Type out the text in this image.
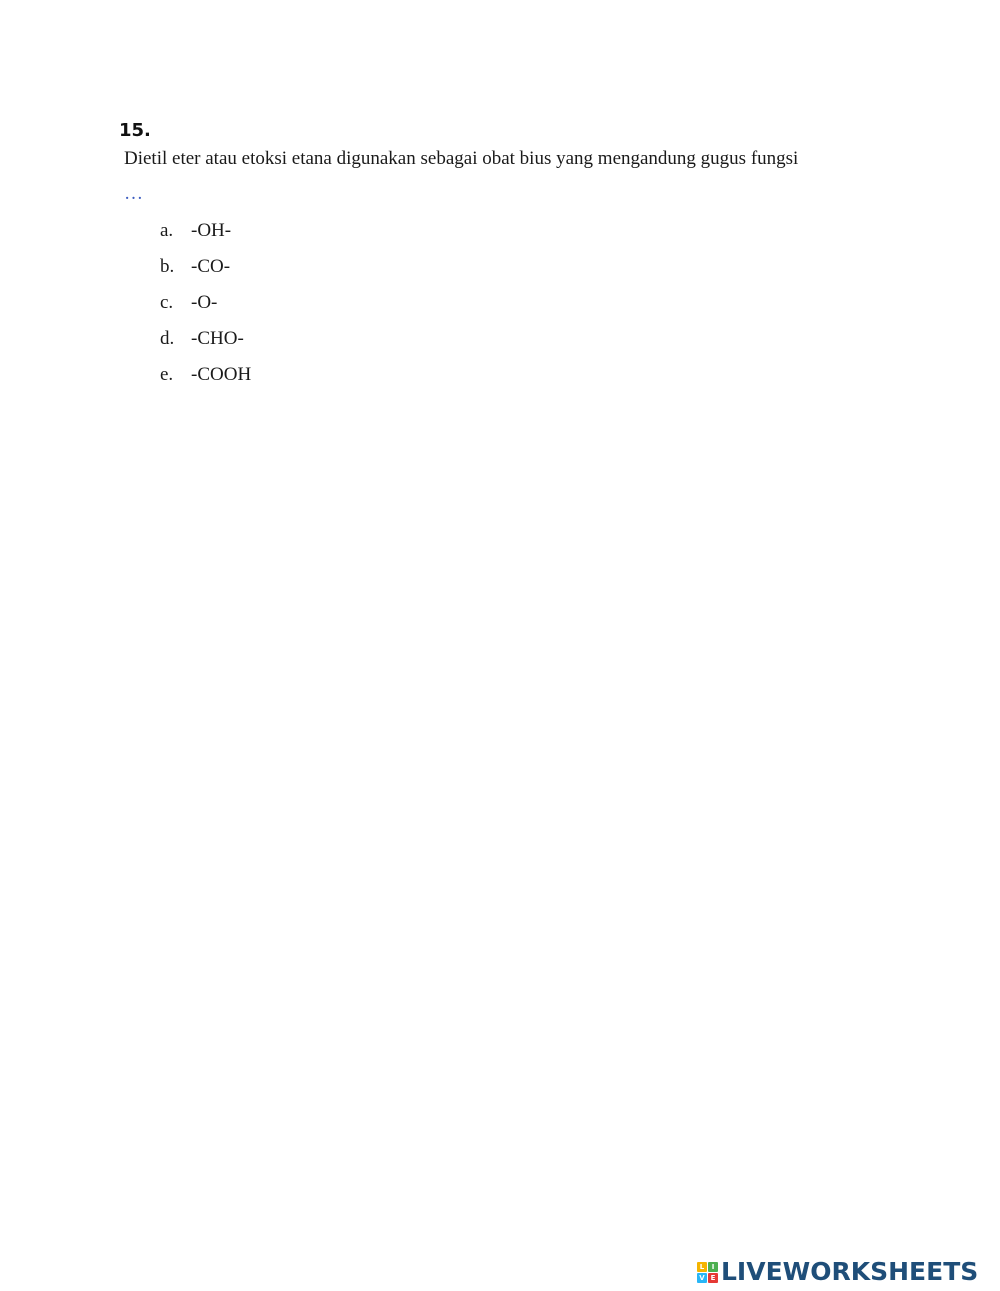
15.
Dietil eter atau etoksi etana digunakan sebagai obat bius yang mengandung gugus fungsi
…
a. -OH-
b. -CO-
c. -O-
d. -CHO-
e. -COOH
L	I
V E LIVEWORKSHEETS
